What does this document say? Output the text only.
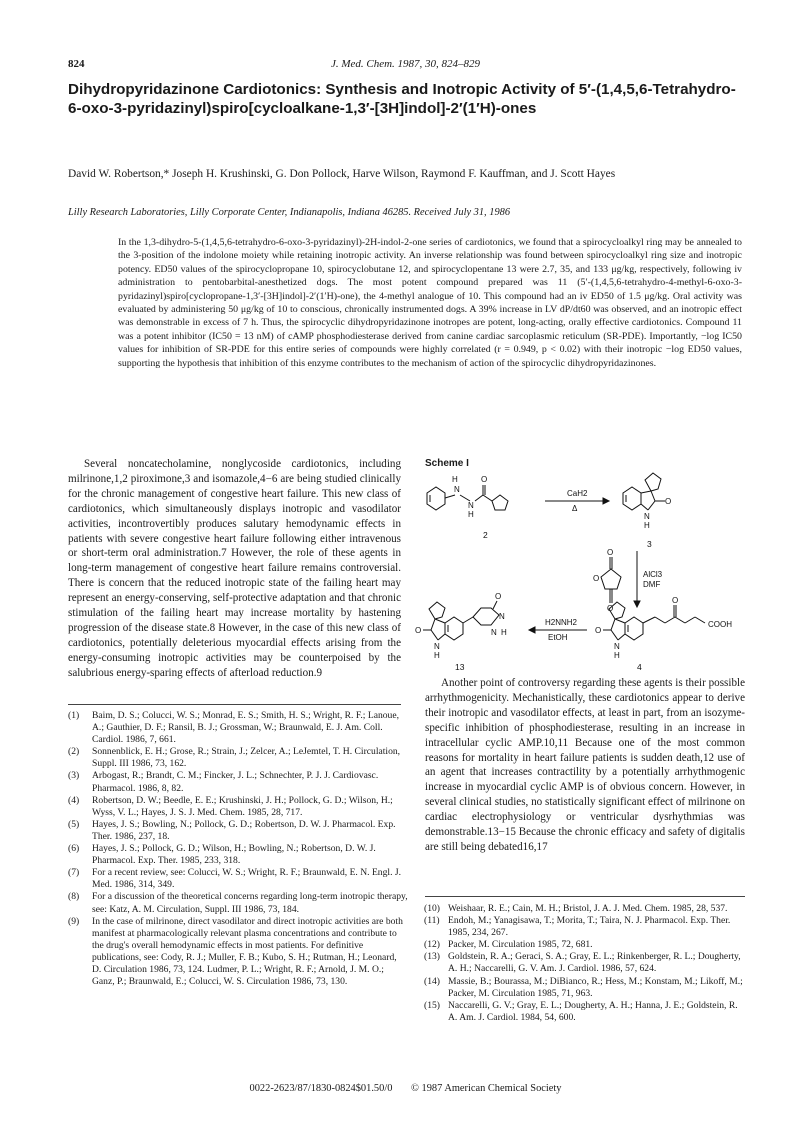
824	J. Med. Chem. 1987, 30, 824–829
Dihydropyridazinone Cardiotonics: Synthesis and Inotropic Activity of 5′-(1,4,5,6-Tetrahydro-6-oxo-3-pyridazinyl)spiro[cycloalkane-1,3′-[3H]indol]-2′(1′H)-ones
David W. Robertson,* Joseph H. Krushinski, G. Don Pollock, Harve Wilson, Raymond F. Kauffman, and J. Scott Hayes
Lilly Research Laboratories, Lilly Corporate Center, Indianapolis, Indiana 46285. Received July 31, 1986
In the 1,3-dihydro-5-(1,4,5,6-tetrahydro-6-oxo-3-pyridazinyl)-2H-indol-2-one series of cardiotonics, we found that a spirocycloalkyl ring may be annealed to the 3-position of the indolone moiety while retaining inotropic activity. An inverse relationship was found between spirocycloalkyl ring size and inotropic potency. ED50 values of the spirocyclopropane 10, spirocyclobutane 12, and spirocyclopentane 13 were 2.7, 35, and 133 μg/kg, respectively, following iv administration to pentobarbital-anesthetized dogs. The most potent compound prepared was 11 (5′-(1,4,5,6-tetrahydro-4-methyl-6-oxo-3-pyridazinyl)spiro[cyclopropane-1,3′-[3H]indol]-2′(1′H)-one), the 4-methyl analogue of 10. This compound had an iv ED50 of 1.5 μg/kg. Oral activity was evaluated by administering 50 μg/kg of 10 to conscious, chronically instrumented dogs. A 39% increase in LV dP/dt60 was observed, and an inotropic effect was demonstrable in excess of 7 h. Thus, the spirocyclic dihydropyridazinone inotropes are potent, long-acting, orally effective cardiotonics. Compound 11 was a potent inhibitor (IC50 = 13 nM) of cAMP phosphodiesterase derived from canine cardiac sarcoplasmic reticulum (SR-PDE). Importantly, −log IC50 values for inhibition of SR-PDE for this entire series of compounds were highly correlated (r = 0.949, p < 0.02) with their inotropic −log ED50 values, supporting the hypothesis that inhibition of this enzyme contributes to the mechanism of action of the spirocyclic dihydropyridazinones.
Several noncatecholamine, nonglycoside cardiotonics, including milrinone,1,2 piroximone,3 and isomazole,4−6 are being studied clinically for the chronic management of congestive heart failure. This new class of cardiotonics, which simultaneously displays inotropic and vasodilator activities, incontrovertibly produces salutary hemodynamic effects in patients with severe congestive heart failure following either intravenous or short-term oral administration.7 However, the role of these agents in long-term management of congestive heart failure remains controversial. There is concern that the reduced inotropic state of the failing heart may represent an energy-conserving, self-protective adaptation and that chronic stimulation of the failing heart may increase mortality by hastening progression of the disease state.8 However, in the case of this new class of cardiotonics, potentially deleterious myocardial effects arising from the energy-consuming inotropic activities may be counterpoised by the salubrious energy-sparing effects of afterload reduction.9
(1)	Baim, D. S.; Colucci, W. S.; Monrad, E. S.; Smith, H. S.; Wright, R. F.; Lanoue, A.; Gauthier, D. F.; Ransil, B. J.; Grossman, W.; Braunwald, E. J. Am. Coll. Cardiol. 1986, 7, 661.
(2)	Sonnenblick, E. H.; Grose, R.; Strain, J.; Zelcer, A.; LeJemtel, T. H. Circulation, Suppl. III 1986, 73, 162.
(3)	Arbogast, R.; Brandt, C. M.; Fincker, J. L.; Schnechter, P. J. J. Cardiovasc. Pharmacol. 1986, 8, 82.
(4)	Robertson, D. W.; Beedle, E. E.; Krushinski, J. H.; Pollock, G. D.; Wilson, H.; Wyss, V. L.; Hayes, J. S. J. Med. Chem. 1985, 28, 717.
(5)	Hayes, J. S.; Bowling, N.; Pollock, G. D.; Robertson, D. W. J. Pharmacol. Exp. Ther. 1986, 237, 18.
(6)	Hayes, J. S.; Pollock, G. D.; Wilson, H.; Bowling, N.; Robertson, D. W. J. Pharmacol. Exp. Ther. 1985, 233, 318.
(7)	For a recent review, see: Colucci, W. S.; Wright, R. F.; Braunwald, E. N. Engl. J. Med. 1986, 314, 349.
(8)	For a discussion of the theoretical concerns regarding long-term inotropic therapy, see: Katz, A. M. Circulation, Suppl. III 1986, 73, 184.
(9)	In the case of milrinone, direct vasodilator and direct inotropic activities are both manifest at pharmacologically relevant plasma concentrations and contribute to the drug's overall hemodynamic effects in most patients. For definitive publications, see: Cody, R. J.; Muller, F. B.; Kubo, S. H.; Rutman, H.; Leonard, D. Circulation 1986, 73, 124. Ludmer, P. L.; Wright, R. F.; Arnold, J. M. O.; Ganz, P.; Braunwald, E.; Colucci, W. S. Circulation 1986, 73, 130.
Scheme I
N
H
N
H
O
2
CaH2
Δ
O
N
H
3
O
O
O
AlCl3
DMF
O
N
H
O
N
N H
13
H2NNH2
EtOH
O
N
H
O
COOH
4
Another point of controversy regarding these agents is their possible arrhythmogenicity. Mechanistically, these cardiotonics appear to derive their inotropic and vasodilator effects, at least in part, from an isozyme-specific inhibition of phosphodiesterase, resulting in an increase in intracellular cyclic AMP.10,11 Because one of the most common reasons for mortality in heart failure patients is sudden death,12 use of an agent that increases contractility by a potentially arrhythmogenic increase in myocardial cyclic AMP is of obvious concern. However, in several clinical studies, no statistically significant effect of milrinone on cardiac electrophysiology or ventricular dysrhythmias was demonstrable.13−15 Because the chronic efficacy and safety of digitalis are still being debated16,17
(10) Weishaar, R. E.; Cain, M. H.; Bristol, J. A. J. Med. Chem. 1985, 28, 537.
(11) Endoh, M.; Yanagisawa, T.; Morita, T.; Taira, N. J. Pharmacol. Exp. Ther. 1985, 234, 267.
(12) Packer, M. Circulation 1985, 72, 681.
(13) Goldstein, R. A.; Geraci, S. A.; Gray, E. L.; Rinkenberger, R. L.; Dougherty, A. H.; Naccarelli, G. V. Am. J. Cardiol. 1986, 57, 624.
(14) Massie, B.; Bourassa, M.; DiBianco, R.; Hess, M.; Konstam, M.; Likoff, M.; Packer, M. Circulation 1985, 71, 963.
(15) Naccarelli, G. V.; Gray, E. L.; Dougherty, A. H.; Hanna, J. E.; Goldstein, R. A. Am. J. Cardiol. 1984, 54, 600.
0022-2623/87/1830-0824$01.50/0 © 1987 American Chemical Society
